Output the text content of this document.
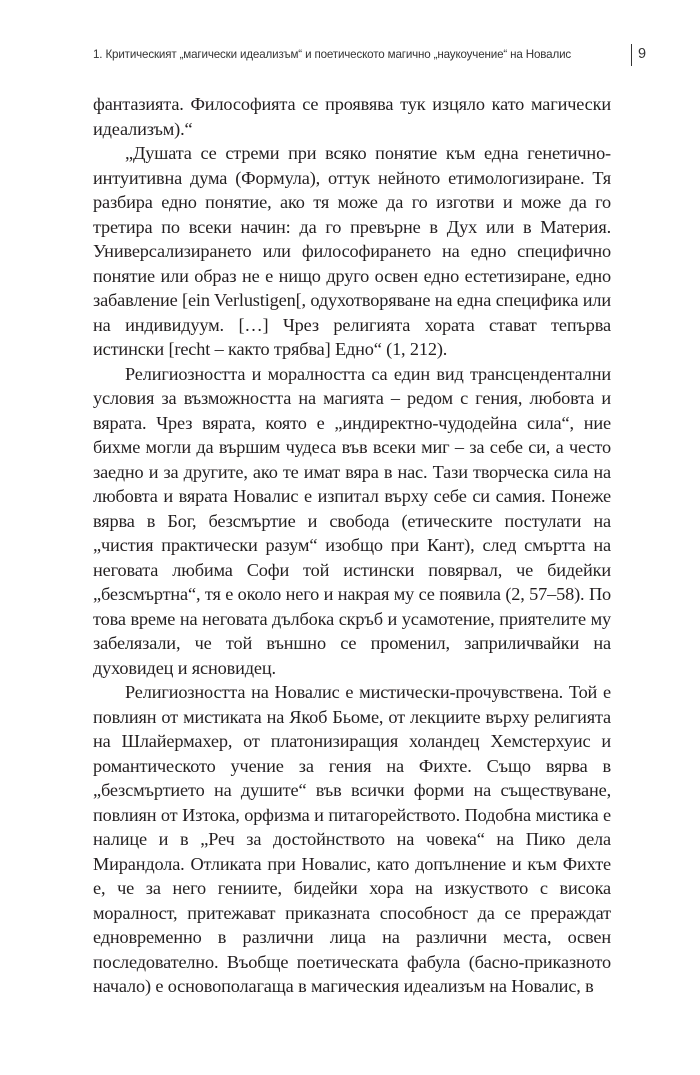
1. Критическият „магически идеализъм“ и поетическото магично „наукоучение“ на Новалис	9

фантазията. Философията се проявява тук изцяло като магически идеализъм).“

„Душата се стреми при всяко понятие към една генетично-интуитивна дума (Формула), оттук нейното етимологизиране. Тя разбира едно понятие, ако тя може да го изготви и може да го третира по всеки начин: да го превърне в Дух или в Материя. Универсализирането или философирането на едно специфично понятие или образ не е нищо друго освен едно естетизиране, едно забавление [ein Verlustigen[, одухотворяване на една специфика или на индивидуум. […] Чрез религията хората стават тепърва истински [recht – както трябва] Едно“ (1, 212).

Религиозността и моралността са един вид трансцендентални условия за възможността на магията – редом с гения, любовта и вярата. Чрез вярата, която е „индиректно-чудодейна сила“, ние бихме могли да вършим чудеса във всеки миг – за себе си, а често заедно и за другите, ако те имат вяра в нас. Тази творческа сила на любовта и вярата Новалис е изпитал върху себе си самия. Понеже вярва в Бог, безсмъртие и свобода (етическите постулати на „чистия практически разум“ изобщо при Кант), след смъртта на неговата любима Софи той истински повярвал, че бидейки „безсмъртна“, тя е около него и накрая му се появила (2, 57–58). По това време на неговата дълбока скръб и усамотение, приятелите му забелязали, че той външно се променил, заприличвайки на духовидец и ясновидец.

Религиозността на Новалис е мистически-прочувствена. Той е повлиян от мистиката на Якоб Бьоме, от лекциите върху религията на Шлайермахер, от платонизиращия холандец Хемстерхуис и романтическото учение за гения на Фихте. Също вярва в „безсмъртието на душите“ във всички форми на съществуване, повлиян от Изтока, орфизма и питагорейството. Подобна мистика е налице и в „Реч за достойнството на човека“ на Пико дела Мирандола. Отликата при Новалис, като допълнение и към Фихте е, че за него гениите, бидейки хора на изкуството с висока моралност, притежават приказната способност да се прераждат едновременно в различни лица на различни места, освен последователно. Въобще поетическата фабула (басно-приказното начало) е основополагаща в магическия идеализъм на Новалис, в
